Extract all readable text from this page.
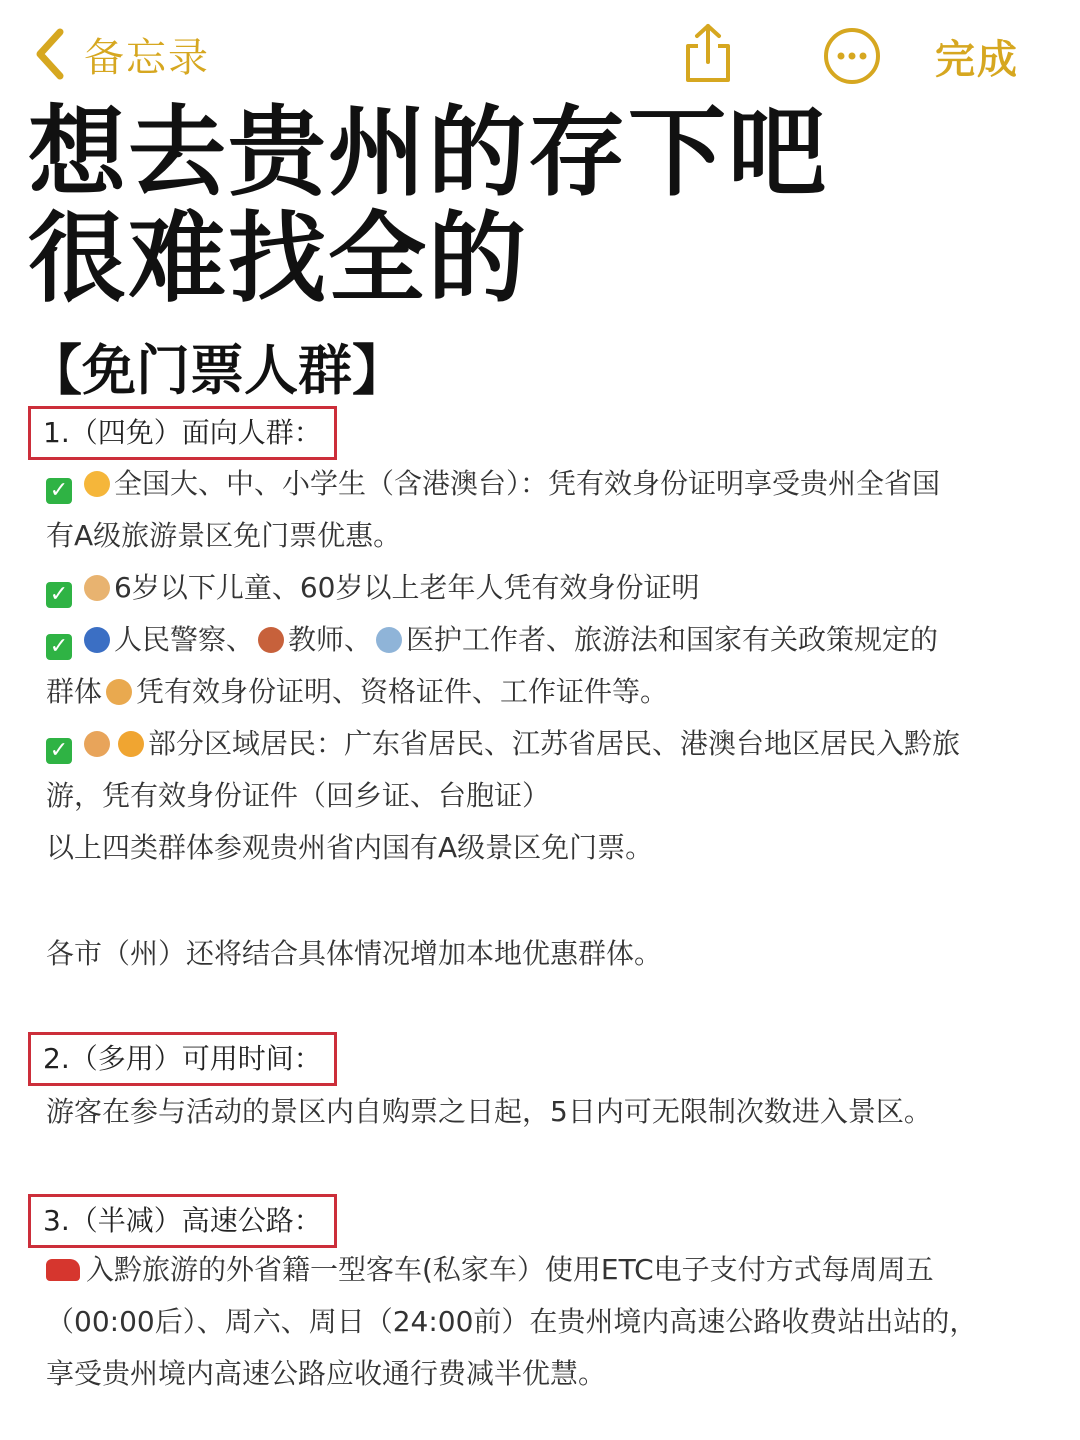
备忘录	完成
想去贵州的存下吧
很难找全的
【免门票人群】
1.（四免）面向人群：
✓ 全国大、中、小学生（含港澳台）：凭有效身份证明享受贵州全省国
有A级旅游景区免门票优惠。
✓ 6岁以下儿童、60岁以上老年人凭有效身份证明
✓ 人民警察、 教师、 医护工作者、旅游法和国家有关政策规定的
群体 凭有效身份证明、资格证件、工作证件等。
✓	部分区域居民：广东省居民、江苏省居民、港澳台地区居民入黔旅
游，凭有效身份证件（回乡证、台胞证）
以上四类群体参观贵州省内国有A级景区免门票。
各市（州）还将结合具体情况增加本地优惠群体。
2.（多用）可用时间：
游客在参与活动的景区内自购票之日起，5日内可无限制次数进入景区。
3.（半减）高速公路：
入黔旅游的外省籍一型客车(私家车）使用ETC电子支付方式每周周五
（00:00后）、周六、周日（24:00前）在贵州境内高速公路收费站出站的，
享受贵州境内高速公路应收通行费减半优慧。
